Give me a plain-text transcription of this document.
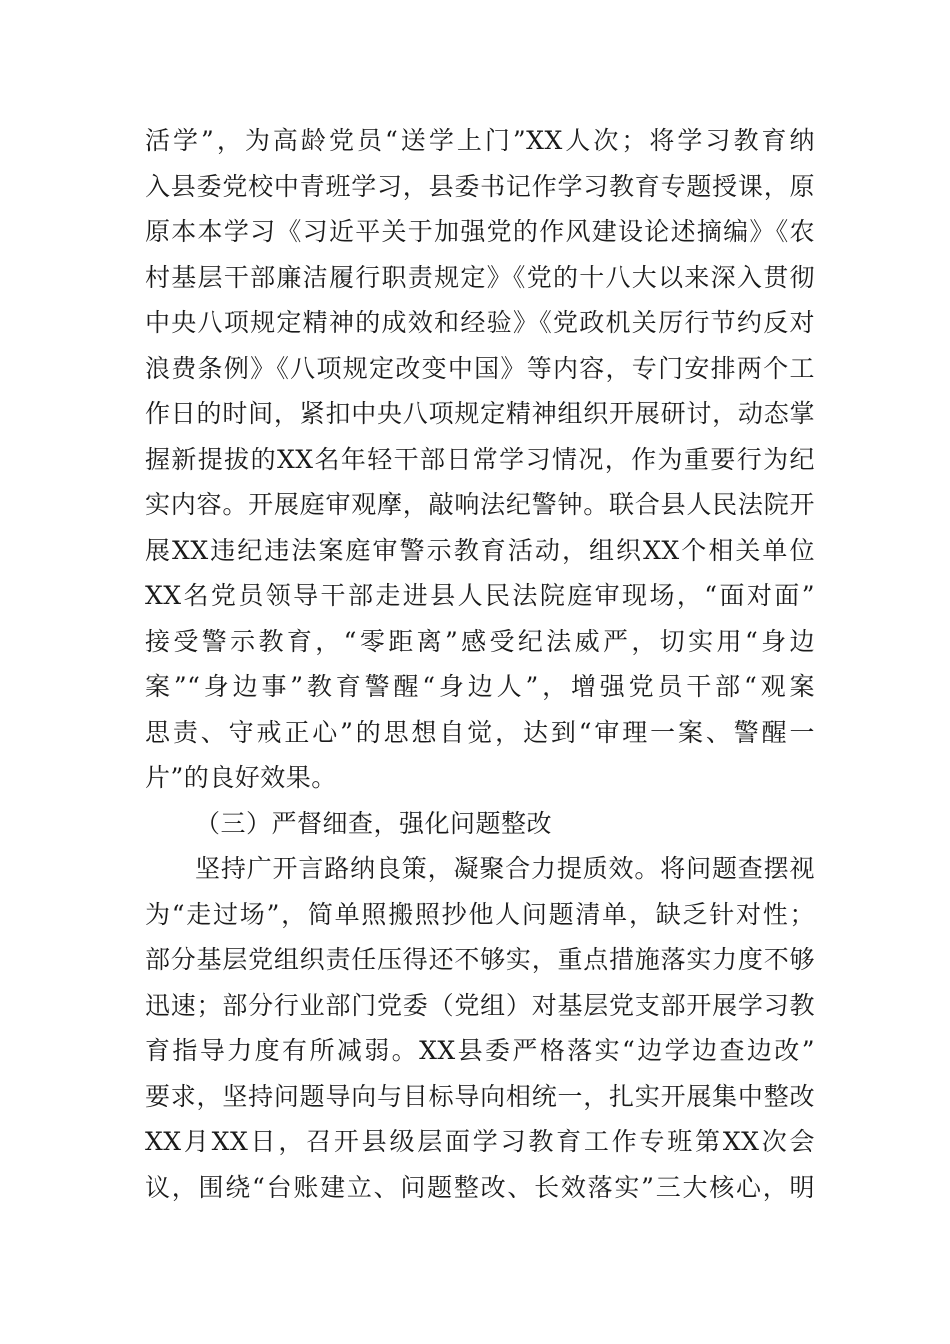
活学”，为高龄党员“送学上门”XX人次；将学习教育纳
入县委党校中青班学习，县委书记作学习教育专题授课，原
原本本学习《习近平关于加强党的作风建设论述摘编》《农
村基层干部廉洁履行职责规定》《党的十八大以来深入贯彻
中央八项规定精神的成效和经验》《党政机关厉行节约反对
浪费条例》《八项规定改变中国》等内容，专门安排两个工
作日的时间，紧扣中央八项规定精神组织开展研讨，动态掌
握新提拔的XX名年轻干部日常学习情况，作为重要行为纪
实内容。开展庭审观摩，敲响法纪警钟。联合县人民法院开
展XX违纪违法案庭审警示教育活动，组织XX个相关单位
XX名党员领导干部走进县人民法院庭审现场，“面对面”
接受警示教育，“零距离”感受纪法威严，切实用“身边
案”“身边事”教育警醒“身边人”，增强党员干部“观案
思责、守戒正心”的思想自觉，达到“审理一案、警醒一
片”的良好效果。
（三）严督细查，强化问题整改
坚持广开言路纳良策，凝聚合力提质效。将问题查摆视
为“走过场”，简单照搬照抄他人问题清单，缺乏针对性；
部分基层党组织责任压得还不够实，重点措施落实力度不够
迅速；部分行业部门党委（党组）对基层党支部开展学习教
育指导力度有所减弱。XX县委严格落实“边学边查边改”
要求，坚持问题导向与目标导向相统一，扎实开展集中整改
XX月XX日，召开县级层面学习教育工作专班第XX次会
议，围绕“台账建立、问题整改、长效落实”三大核心，明
